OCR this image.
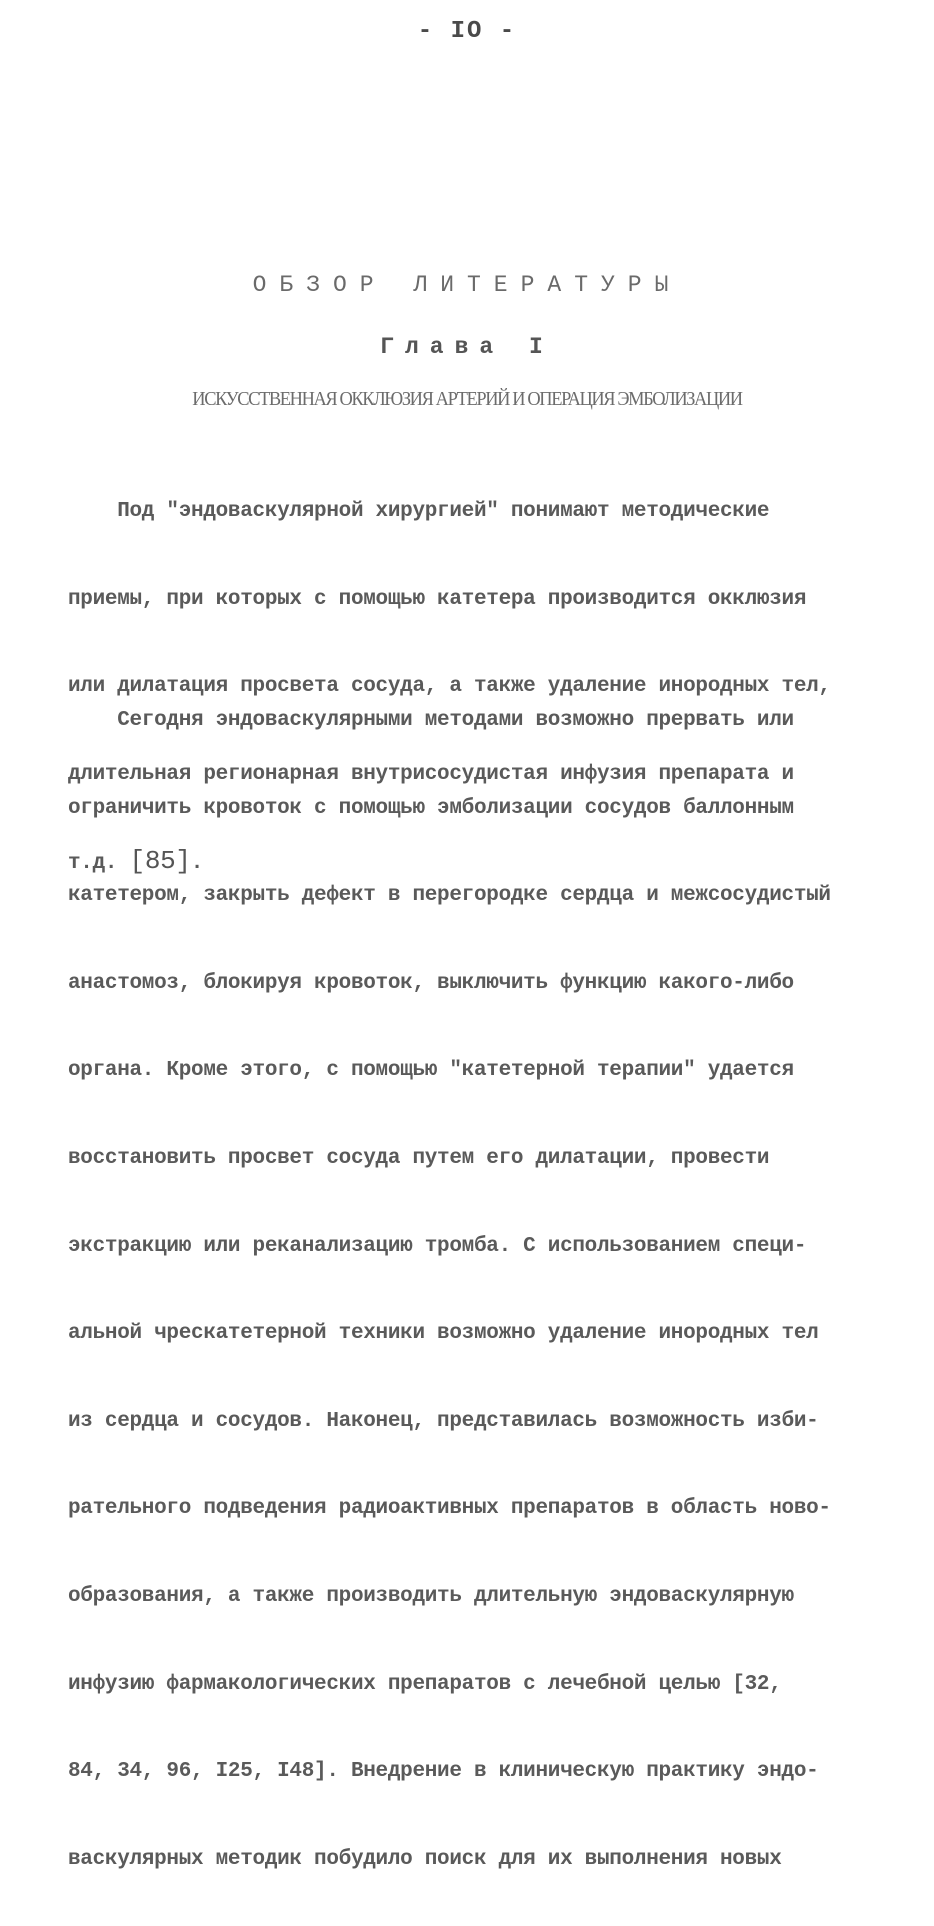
- IO -
ОБЗОР ЛИТЕРАТУРЫ
Глава I
ИСКУССТВЕННАЯ ОККЛЮЗИЯ АРТЕРИЙ И ОПЕРАЦИЯ ЭМБОЛИЗАЦИИ

Под "эндоваскулярной хирургией" понимают методические

приемы, при которых с помощью катетера производится окклюзия

или дилатация просвета сосуда, а также удаление инородных тел,

длительная регионарная внутрисосудистая инфузия препарата и

т.д. [85].

Сегодня эндоваскулярными методами возможно прервать или

ограничить кровоток с помощью эмболизации сосудов баллонным

катетером, закрыть дефект в перегородке сердца и межсосудистый

анастомоз, блокируя кровоток, выключить функцию какого-либо

органа. Кроме этого, с помощью "катетерной терапии" удается

восстановить просвет сосуда путем его дилатации, провести

экстракцию или реканализацию тромба. С использованием специ-

альной чрескатетерной техники возможно удаление инородных тел

из сердца и сосудов. Наконец, представилась возможность изби-

рательного подведения радиоактивных препаратов в область ново-

образования, а также производить длительную эндоваскулярную

инфузию фармакологических препаратов с лечебной целью [32,

84, 34, 96, I25, I48]. Внедрение в клиническую практику эндо-

васкулярных методик побудило поиск для их выполнения новых
